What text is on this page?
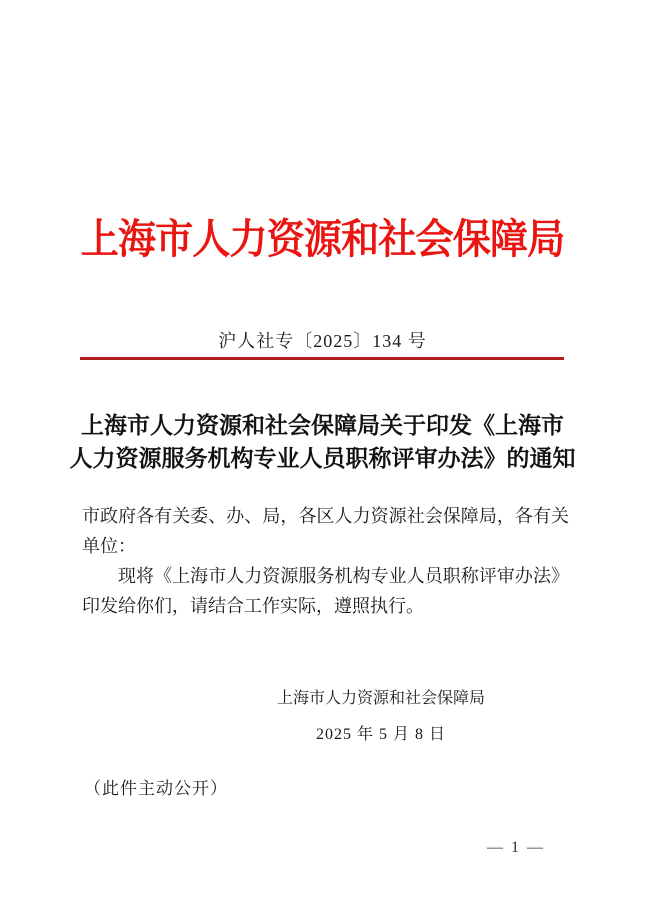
上海市人力资源和社会保障局
沪人社专〔2025〕134 号
上海市人力资源和社会保障局关于印发《上海市
人力资源服务机构专业人员职称评审办法》的通知

市政府各有关委、办、局，各区人力资源社会保障局，各有关单位：

现将《上海市人力资源服务机构专业人员职称评审办法》印发给你们，请结合工作实际，遵照执行。

上海市人力资源和社会保障局
2025 年 5 月 8 日
（此件主动公开）
— 1 —
